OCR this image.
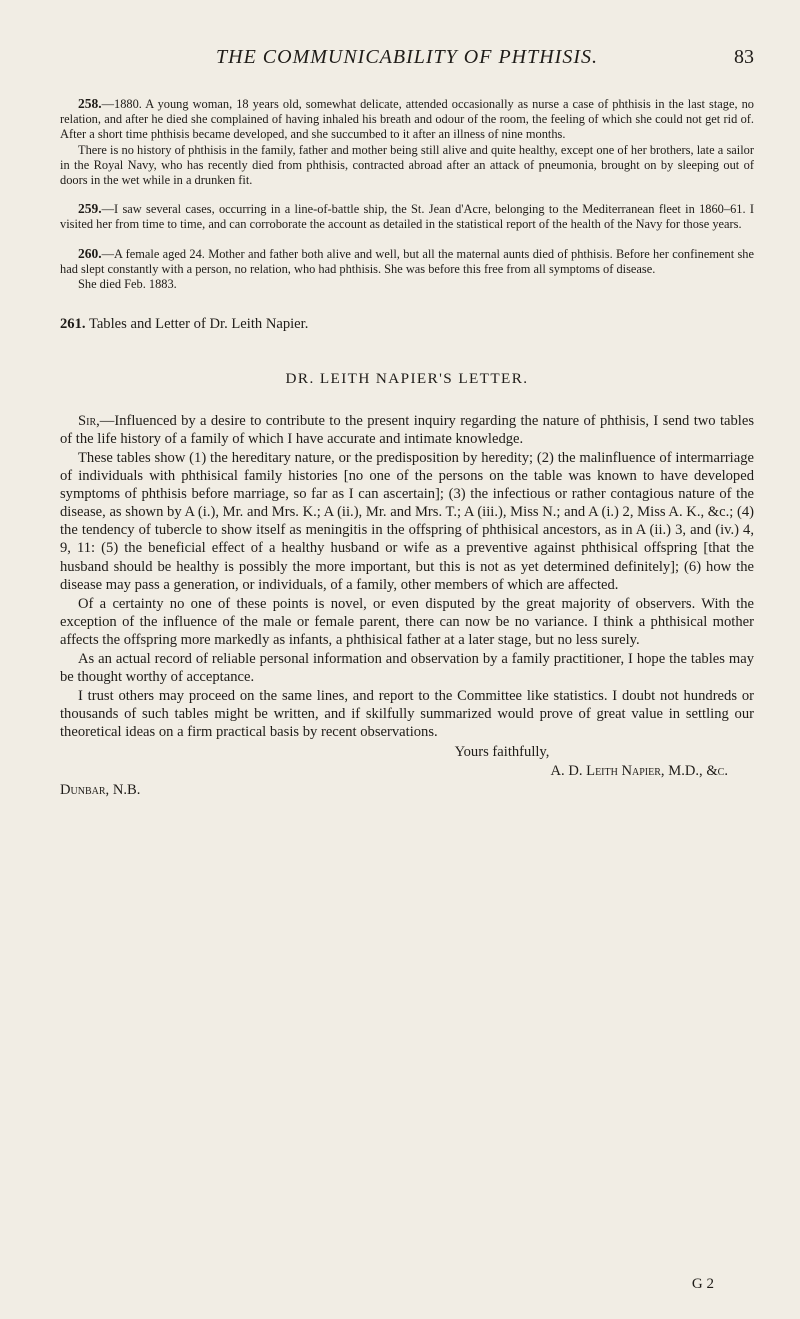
THE COMMUNICABILITY OF PHTHISIS.	83

258.—1880. A young woman, 18 years old, somewhat delicate, attended occasionally as nurse a case of phthisis in the last stage, no relation, and after he died she complained of having inhaled his breath and odour of the room, the feeling of which she could not get rid of. After a short time phthisis became developed, and she succumbed to it after an illness of nine months.

There is no history of phthisis in the family, father and mother being still alive and quite healthy, except one of her brothers, late a sailor in the Royal Navy, who has recently died from phthisis, contracted abroad after an attack of pneumonia, brought on by sleeping out of doors in the wet while in a drunken fit.

259.—I saw several cases, occurring in a line-of-battle ship, the St. Jean d'Acre, belonging to the Mediterranean fleet in 1860–61. I visited her from time to time, and can corroborate the account as detailed in the statistical report of the health of the Navy for those years.

260.—A female aged 24. Mother and father both alive and well, but all the maternal aunts died of phthisis. Before her confinement she had slept constantly with a person, no relation, who had phthisis. She was before this free from all symptoms of disease.

She died Feb. 1883.

261. Tables and Letter of Dr. Leith Napier.

DR. LEITH NAPIER'S LETTER.

Sir,—Influenced by a desire to contribute to the present inquiry regarding the nature of phthisis, I send two tables of the life history of a family of which I have accurate and intimate knowledge.

These tables show (1) the hereditary nature, or the predisposition by heredity; (2) the malinfluence of intermarriage of individuals with phthisical family histories [no one of the persons on the table was known to have developed symptoms of phthisis before marriage, so far as I can ascertain]; (3) the infectious or rather contagious nature of the disease, as shown by A (i.), Mr. and Mrs. K.; A (ii.), Mr. and Mrs. T.; A (iii.), Miss N.; and A (i.) 2, Miss A. K., &c.; (4) the tendency of tubercle to show itself as meningitis in the offspring of phthisical ancestors, as in A (ii.) 3, and (iv.) 4, 9, 11: (5) the beneficial effect of a healthy husband or wife as a preventive against phthisical offspring [that the husband should be healthy is possibly the more important, but this is not as yet determined definitely]; (6) how the disease may pass a generation, or individuals, of a family, other members of which are affected.

Of a certainty no one of these points is novel, or even disputed by the great majority of observers. With the exception of the influence of the male or female parent, there can now be no variance. I think a phthisical mother affects the offspring more markedly as infants, a phthisical father at a later stage, but no less surely.

As an actual record of reliable personal information and observation by a family practitioner, I hope the tables may be thought worthy of acceptance.

I trust others may proceed on the same lines, and report to the Committee like statistics. I doubt not hundreds or thousands of such tables might be written, and if skilfully summarized would prove of great value in settling our theoretical ideas on a firm practical basis by recent observations.

Yours faithfully,

A. D. Leith Napier, M.D., &c.

Dunbar, N.B.

G 2
